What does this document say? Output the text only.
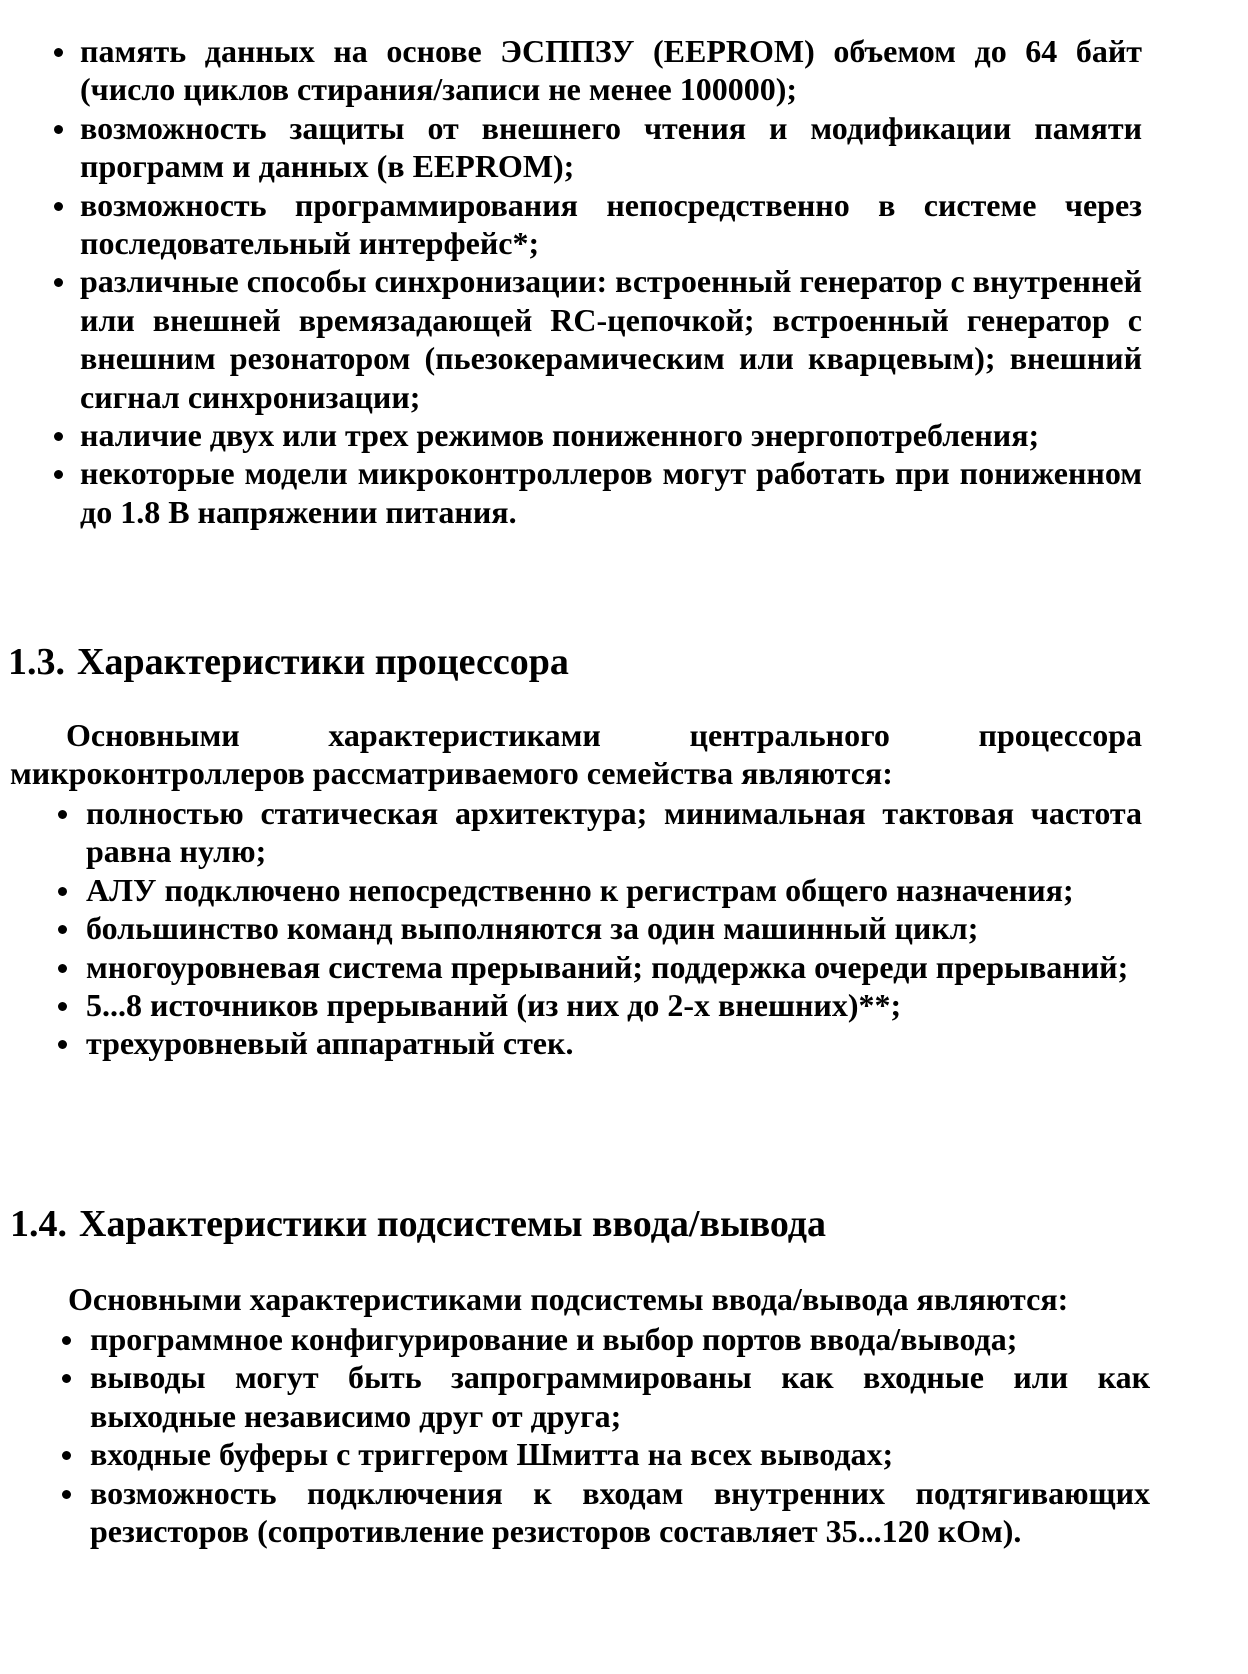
память данных на основе ЭСППЗУ (EEPROM) объемом до 64 байт (число циклов стирания/записи не менее 100000);
возможность защиты от внешнего чтения и модификации памяти программ и данных (в EEPROM);
возможность программирования непосредственно в системе через последовательный интерфейс*;
различные способы синхронизации: встроенный генератор с внутренней или внешней времязадающей RC-цепочкой; встроенный генератор с внешним резонатором (пьезокерамическим или кварцевым); внешний сигнал синхронизации;
наличие двух или трех режимов пониженного энергопотребления;
некоторые модели микроконтроллеров могут работать при пониженном до 1.8 В напряжении питания.
1.3. Характеристики процессора

Основными характеристиками центрального процессора микроконтроллеров рассматриваемого семейства являются:

полностью статическая архитектура; минимальная тактовая частота равна нулю;
АЛУ подключено непосредственно к регистрам общего назначения;
большинство команд выполняются за один машинный цикл;
многоуровневая система прерываний; поддержка очереди прерываний;
5...8 источников прерываний (из них до 2-х внешних)**;
трехуровневый аппаратный стек.
1.4. Характеристики подсистемы ввода/вывода

Основными характеристиками подсистемы ввода/вывода являются:

программное конфигурирование и выбор портов ввода/вывода;
выводы могут быть запрограммированы как входные или как выходные независимо друг от друга;
входные буферы с триггером Шмитта на всех выводах;
возможность подключения к входам внутренних подтягивающих резисторов (сопротивление резисторов составляет 35...120 кОм).
